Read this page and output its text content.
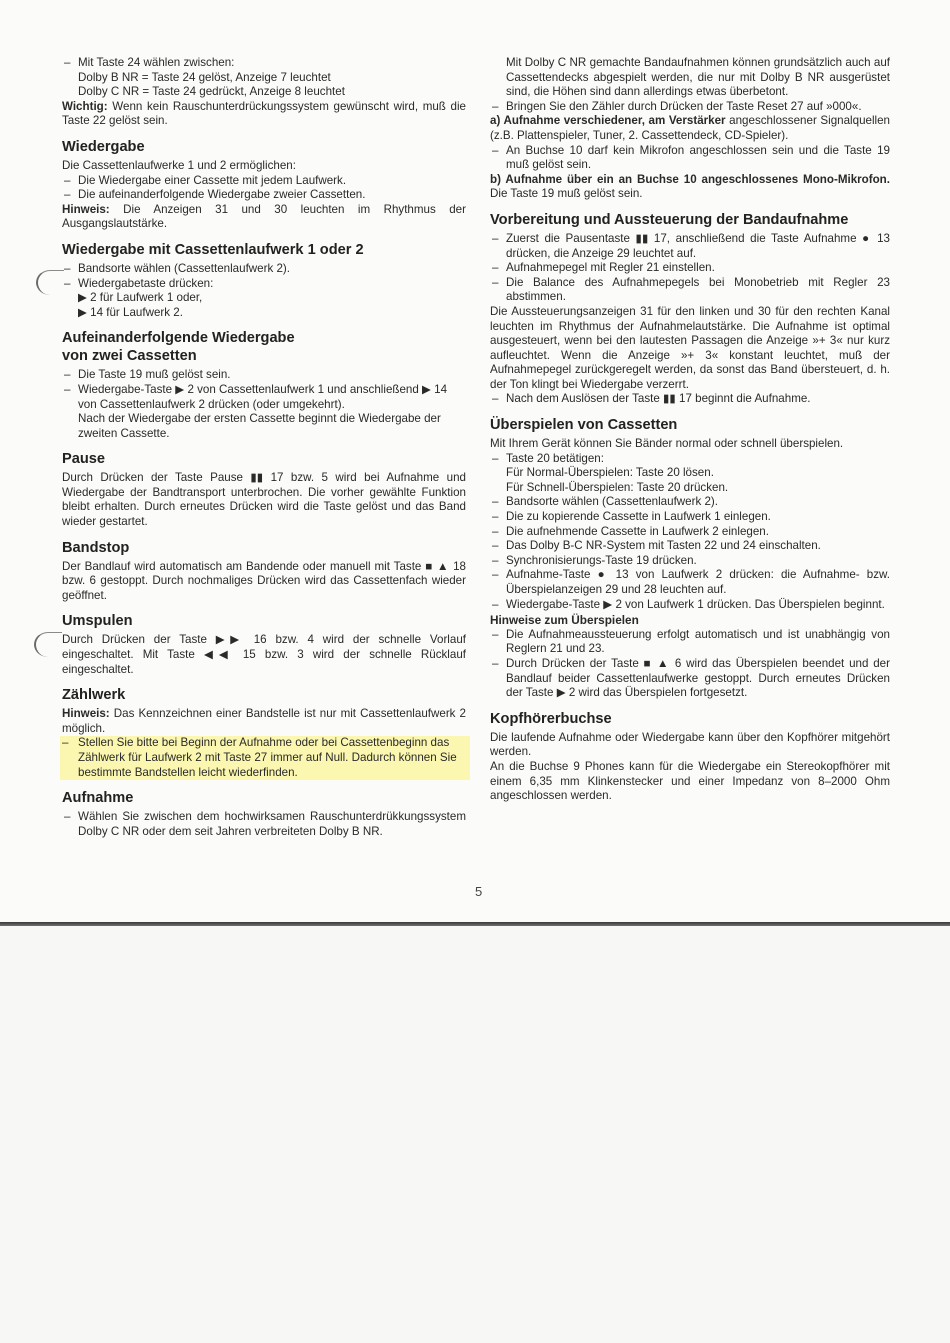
– Mit Taste 24 wählen zwischen:

Dolby B NR = Taste 24 gelöst, Anzeige 7 leuchtet

Dolby C NR = Taste 24 gedrückt, Anzeige 8 leuchtet

Wichtig: Wenn kein Rauschunterdrückungssystem gewünscht wird, muß die Taste 22 gelöst sein.

Wiedergabe

Die Cassettenlaufwerke 1 und 2 ermöglichen:

– Die Wiedergabe einer Cassette mit jedem Laufwerk.
– Die aufeinanderfolgende Wiedergabe zweier Cassetten.

Hinweis: Die Anzeigen 31 und 30 leuchten im Rhythmus der Ausgangslautstärke.

Wiedergabe mit Cassettenlaufwerk 1 oder 2
– Bandsorte wählen (Cassettenlaufwerk 2).
– Wiedergabetaste drücken:

▶ 2 für Laufwerk 1 oder,

▶ 14 für Laufwerk 2.

Aufeinanderfolgende Wiedergabe
von zwei Cassetten
– Die Taste 19 muß gelöst sein.
– Wiedergabe-Taste ▶ 2 von Cassettenlaufwerk 1 und anschließend ▶ 14 von Cassettenlaufwerk 2 drücken (oder umgekehrt).

Nach der Wiedergabe der ersten Cassette beginnt die Wiedergabe der zweiten Cassette.

Pause

Durch Drücken der Taste Pause ▮▮ 17 bzw. 5 wird bei Aufnahme und Wiedergabe der Bandtransport unterbrochen. Die vorher gewählte Funktion bleibt erhalten. Durch erneutes Drücken wird die Taste gelöst und das Band wieder gestartet.

Bandstop

Der Bandlauf wird automatisch am Bandende oder manuell mit Taste ■ ▲ 18 bzw. 6 gestoppt. Durch nochmaliges Drücken wird das Cassettenfach wieder geöffnet.

Umspulen

Durch Drücken der Taste ▶▶ 16 bzw. 4 wird der schnelle Vorlauf eingeschaltet. Mit Taste ◀◀ 15 bzw. 3 wird der schnelle Rücklauf eingeschaltet.

Zählwerk

Hinweis: Das Kennzeichnen einer Bandstelle ist nur mit Cassettenlaufwerk 2 möglich.

– Stellen Sie bitte bei Beginn der Aufnahme oder bei Cassettenbeginn das Zählwerk für Laufwerk 2 mit Taste 27 immer auf Null. Dadurch können Sie bestimmte Bandstellen leicht wiederfinden.
Aufnahme
– Wählen Sie zwischen dem hochwirksamen Rauschunterdrükkungssystem Dolby C NR oder dem seit Jahren verbreiteten Dolby B NR.

Mit Dolby C NR gemachte Bandaufnahmen können grundsätzlich auch auf Cassettendecks abgespielt werden, die nur mit Dolby B NR ausgerüstet sind, die Höhen sind dann allerdings etwas überbetont.

– Bringen Sie den Zähler durch Drücken der Taste Reset 27 auf »000«.

a) Aufnahme verschiedener, am Verstärker angeschlossener Signalquellen (z.B. Plattenspieler, Tuner, 2. Cassettendeck, CD-Spieler).

– An Buchse 10 darf kein Mikrofon angeschlossen sein und die Taste 19 muß gelöst sein.

b) Aufnahme über ein an Buchse 10 angeschlossenes Mono-Mikrofon. Die Taste 19 muß gelöst sein.

Vorbereitung und Aussteuerung der Bandaufnahme
– Zuerst die Pausentaste ▮▮ 17, anschließend die Taste Aufnahme ● 13 drücken, die Anzeige 29 leuchtet auf.
– Aufnahmepegel mit Regler 21 einstellen.
– Die Balance des Aufnahmepegels bei Monobetrieb mit Regler 23 abstimmen.

Die Aussteuerungsanzeigen 31 für den linken und 30 für den rechten Kanal leuchten im Rhythmus der Aufnahmelautstärke. Die Aufnahme ist optimal ausgesteuert, wenn bei den lautesten Passagen die Anzeige »+ 3« nur kurz aufleuchtet. Wenn die Anzeige »+ 3« konstant leuchtet, muß der Aufnahmepegel zurückgeregelt werden, da sonst das Band übersteuert, d. h. der Ton klingt bei Wiedergabe verzerrt.

– Nach dem Auslösen der Taste ▮▮ 17 beginnt die Aufnahme.
Überspielen von Cassetten

Mit Ihrem Gerät können Sie Bänder normal oder schnell überspielen.

– Taste 20 betätigen:

Für Normal-Überspielen: Taste 20 lösen.

Für Schnell-Überspielen: Taste 20 drücken.

– Bandsorte wählen (Cassettenlaufwerk 2).
– Die zu kopierende Cassette in Laufwerk 1 einlegen.
– Die aufnehmende Cassette in Laufwerk 2 einlegen.
– Das Dolby B-C NR-System mit Tasten 22 und 24 einschalten.
– Synchronisierungs-Taste 19 drücken.
– Aufnahme-Taste ● 13 von Laufwerk 2 drücken: die Aufnahme- bzw. Überspielanzeigen 29 und 28 leuchten auf.
– Wiedergabe-Taste ▶ 2 von Laufwerk 1 drücken. Das Überspielen beginnt.
Hinweise zum Überspielen
– Die Aufnahmeaussteuerung erfolgt automatisch und ist unabhängig von Reglern 21 und 23.
– Durch Drücken der Taste ■ ▲ 6 wird das Überspielen beendet und der Bandlauf beider Cassettenlaufwerke gestoppt. Durch erneutes Drücken der Taste ▶ 2 wird das Überspielen fortgesetzt.
Kopfhörerbuchse

Die laufende Aufnahme oder Wiedergabe kann über den Kopfhörer mitgehört werden.

An die Buchse 9 Phones kann für die Wiedergabe ein Stereokopfhörer mit einem 6,35 mm Klinkenstecker und einer Impedanz von 8–2000 Ohm angeschlossen werden.

5
